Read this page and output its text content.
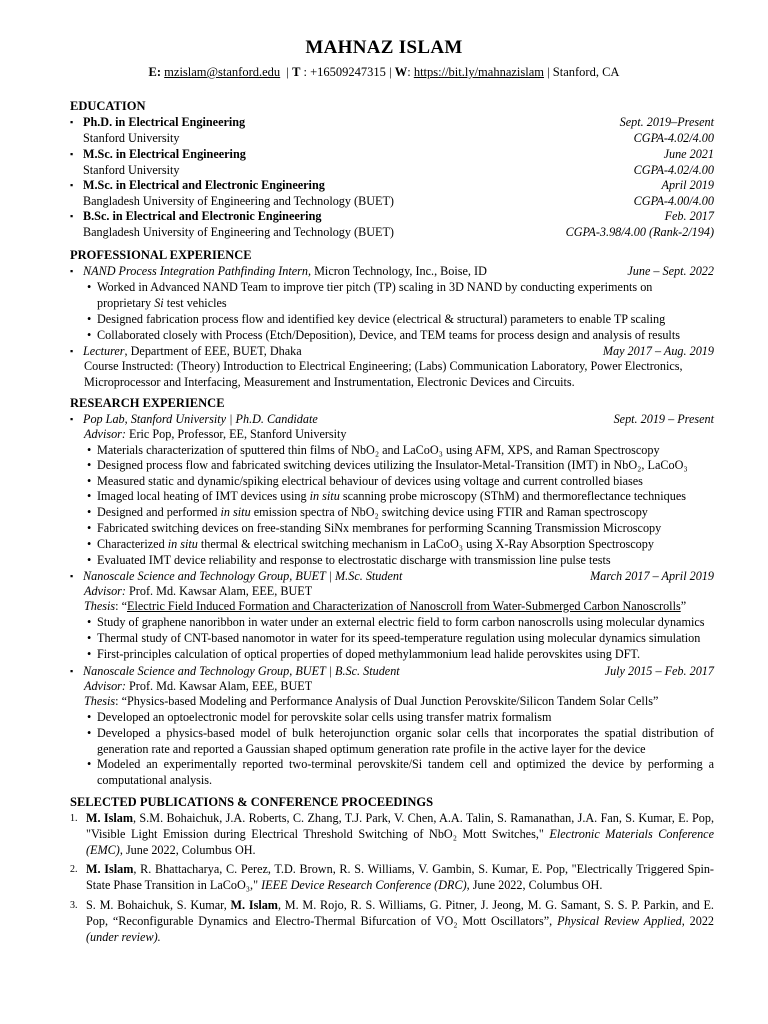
MAHNAZ ISLAM
E: mzislam@stanford.edu | T : +16509247315 | W: https://bit.ly/mahnazislam | Stanford, CA
EDUCATION
▪ Ph.D. in Electrical Engineering	Sept. 2019–Present
Stanford University	CGPA-4.02/4.00
▪ M.Sc. in Electrical Engineering	June 2021
Stanford University	CGPA-4.02/4.00
▪ M.Sc. in Electrical and Electronic Engineering	April 2019
Bangladesh University of Engineering and Technology (BUET)	CGPA-4.00/4.00
▪ B.Sc. in Electrical and Electronic Engineering	Feb. 2017
Bangladesh University of Engineering and Technology (BUET)	CGPA-3.98/4.00 (Rank-2/194)
PROFESSIONAL EXPERIENCE
▪ NAND Process Integration Pathfinding Intern, Micron Technology, Inc., Boise, ID	June – Sept. 2022
• Worked in Advanced NAND Team to improve tier pitch (TP) scaling in 3D NAND by conducting experiments on
proprietary Si test vehicles
• Designed fabrication process flow and identified key device (electrical & structural) parameters to enable TP scaling
• Collaborated closely with Process (Etch/Deposition), Device, and TEM teams for process design and analysis of results
▪ Lecturer, Department of EEE, BUET, Dhaka	May 2017 – Aug. 2019
Course Instructed: (Theory) Introduction to Electrical Engineering; (Labs) Communication Laboratory, Power Electronics,
Microprocessor and Interfacing, Measurement and Instrumentation, Electronic Devices and Circuits.
RESEARCH EXPERIENCE
▪ Pop Lab, Stanford University | Ph.D. Candidate	Sept. 2019 – Present
Advisor: Eric Pop, Professor, EE, Stanford University
• Materials characterization of sputtered thin films of NbO₂ and LaCoO₃ using AFM, XPS, and Raman Spectroscopy
• Designed process flow and fabricated switching devices utilizing the Insulator-Metal-Transition (IMT) in NbO₂, LaCoO₃
• Measured static and dynamic/spiking electrical behaviour of devices using voltage and current controlled biases
• Imaged local heating of IMT devices using in situ scanning probe microscopy (SThM) and thermoreflectance techniques
• Designed and performed in situ emission spectra of NbO₂ switching device using FTIR and Raman spectroscopy
• Fabricated switching devices on free-standing SiNx membranes for performing Scanning Transmission Microscopy
• Characterized in situ thermal & electrical switching mechanism in LaCoO₃ using X-Ray Absorption Spectroscopy
• Evaluated IMT device reliability and response to electrostatic discharge with transmission line pulse tests
▪ Nanoscale Science and Technology Group, BUET | M.Sc. Student	March 2017 – April 2019
Advisor: Prof. Md. Kawsar Alam, EEE, BUET
Thesis: “Electric Field Induced Formation and Characterization of Nanoscroll from Water-Submerged Carbon Nanoscrolls”
• Study of graphene nanoribbon in water under an external electric field to form carbon nanoscrolls using molecular dynamics
• Thermal study of CNT-based nanomotor in water for its speed-temperature regulation using molecular dynamics simulation
• First-principles calculation of optical properties of doped methylammonium lead halide perovskites using DFT.
▪ Nanoscale Science and Technology Group, BUET | B.Sc. Student	July 2015 – Feb. 2017
Advisor: Prof. Md. Kawsar Alam, EEE, BUET
Thesis: “Physics-based Modeling and Performance Analysis of Dual Junction Perovskite/Silicon Tandem Solar Cells”
• Developed an optoelectronic model for perovskite solar cells using transfer matrix formalism
• Developed a physics-based model of bulk heterojunction organic solar cells that incorporates the spatial distribution of generation rate and reported a Gaussian shaped optimum generation rate profile in the active layer for the device
• Modeled an experimentally reported two-terminal perovskite/Si tandem cell and optimized the device by performing a computational analysis.
SELECTED PUBLICATIONS & CONFERENCE PROCEEDINGS
1. M. Islam, S.M. Bohaichuk, J.A. Roberts, C. Zhang, T.J. Park, V. Chen, A.A. Talin, S. Ramanathan, J.A. Fan, S. Kumar, E. Pop, "Visible Light Emission during Electrical Threshold Switching of NbO₂ Mott Switches," Electronic Materials Conference (EMC), June 2022, Columbus OH.
2. M. Islam, R. Bhattacharya, C. Perez, T.D. Brown, R. S. Williams, V. Gambin, S. Kumar, E. Pop, "Electrically Triggered Spin-State Phase Transition in LaCoO₃," IEEE Device Research Conference (DRC), June 2022, Columbus OH.
3. S. M. Bohaichuk, S. Kumar, M. Islam, M. M. Rojo, R. S. Williams, G. Pitner, J. Jeong, M. G. Samant, S. S. P. Parkin, and E. Pop, “Reconfigurable Dynamics and Electro-Thermal Bifurcation of VO₂ Mott Oscillators”, Physical Review Applied, 2022 (under review).
